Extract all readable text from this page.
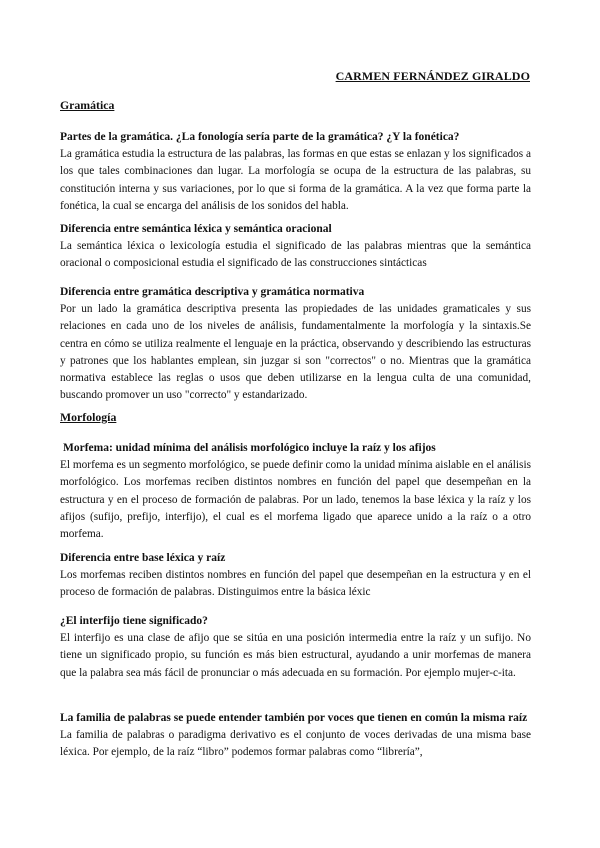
CARMEN FERNÁNDEZ GIRALDO
Gramática
Partes de la gramática. ¿La fonología sería parte de la gramática? ¿Y la fonética?

La gramática estudia la estructura de las palabras, las formas en que estas se enlazan y los significados a los que tales combinaciones dan lugar. La morfología se ocupa de la estructura de las palabras, su constitución interna y sus variaciones, por lo que si forma de la gramática. A la vez que forma parte la fonética, la cual se encarga del análisis de los sonidos del habla.

Diferencia entre semántica léxica y semántica oracional

La semántica léxica o lexicología estudia el significado de las palabras mientras que la semántica oracional o composicional estudia el significado de las construcciones sintácticas

Diferencia entre gramática descriptiva y gramática normativa

Por un lado la gramática descriptiva presenta las propiedades de las unidades gramaticales y sus relaciones en cada uno de los niveles de análisis, fundamentalmente la morfología y la sintaxis.Se centra en cómo se utiliza realmente el lenguaje en la práctica, observando y describiendo las estructuras y patrones que los hablantes emplean, sin juzgar si son "correctos" o no. Mientras que la gramática normativa establece las reglas o usos que deben utilizarse en la lengua culta de una comunidad, buscando promover un uso "correcto" y estandarizado.

Morfología
Morfema: unidad mínima del análisis morfológico incluye la raíz y los afijos

El morfema es un segmento morfológico, se puede definir como la unidad mínima aislable en el análisis morfológico. Los morfemas reciben distintos nombres en función del papel que desempeñan en la estructura y en el proceso de formación de palabras. Por un lado, tenemos la base léxica y la raíz y los afijos (sufijo, prefijo, interfijo), el cual es el morfema ligado que aparece unido a la raíz o a otro morfema.

Diferencia entre base léxica y raíz

Los morfemas reciben distintos nombres en función del papel que desempeñan en la estructura y en el proceso de formación de palabras. Distinguimos entre la básica léxic

¿El interfijo tiene significado?

El interfijo es una clase de afijo que se sitúa en una posición intermedia entre la raíz y un sufijo. No tiene un significado propio, su función es más bien estructural, ayudando a unir morfemas de manera que la palabra sea más fácil de pronunciar o más adecuada en su formación. Por ejemplo mujer-c-ita.

La familia de palabras se puede entender también por voces que tienen en común la misma raíz

La familia de palabras o paradigma derivativo es el conjunto de voces derivadas de una misma base léxica. Por ejemplo, de la raíz “libro” podemos formar palabras como “librería”,
